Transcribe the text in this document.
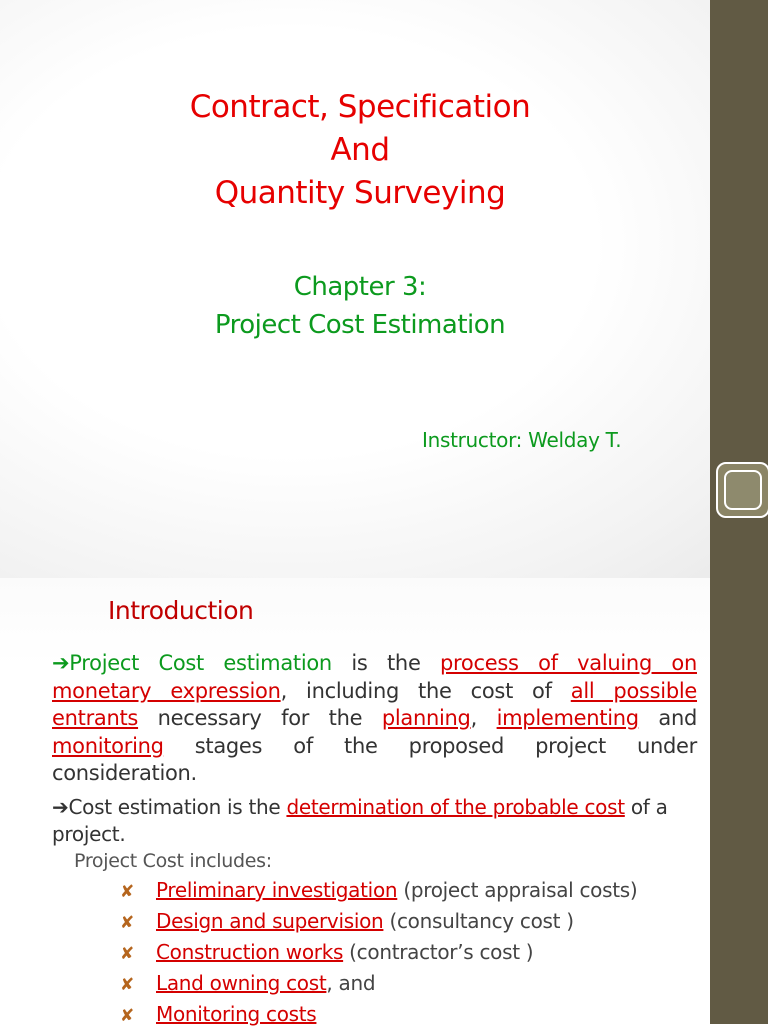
Contract, Specification
And
Quantity Surveying
Chapter 3:
Project Cost Estimation
Instructor: Welday T.
Introduction
➔Project Cost estimation is the process of valuing on monetary expression, including the cost of all possible entrants necessary for the planning, implementing and monitoring stages of the proposed project under consideration.
➔Cost estimation is the determination of the probable cost of a project.
Project Cost includes:
✘ Preliminary investigation (project appraisal costs)
✘ Design and supervision (consultancy cost )
✘ Construction works (contractor’s cost )
✘ Land owning cost, and
✘ Monitoring costs
